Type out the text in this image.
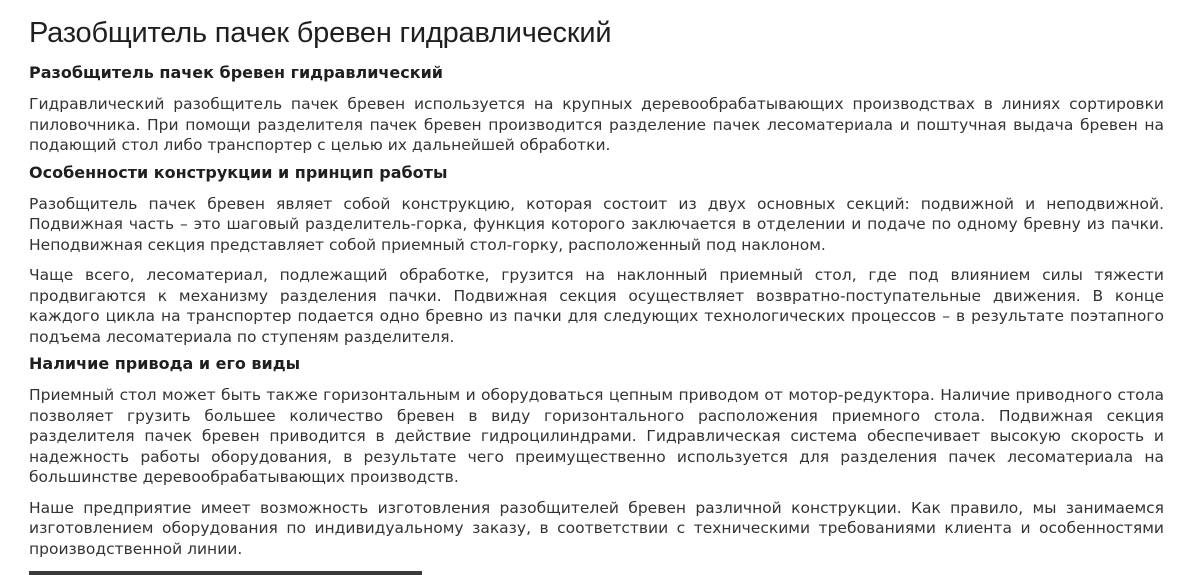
Разобщитель пачек бревен гидравлический
Разобщитель пачек бревен гидравлический

Гидравлический разобщитель пачек бревен используется на крупных деревообрабатывающих производствах в линиях сортировки пиловочника. При помощи разделителя пачек бревен производится разделение пачек лесоматериала и поштучная выдача бревен на подающий стол либо транспортер с целью их дальнейшей обработки.

Особенности конструкции и принцип работы

Разобщитель пачек бревен являет собой конструкцию, которая состоит из двух основных секций: подвижной и неподвижной. Подвижная часть – это шаговый разделитель-горка, функция которого заключается в отделении и подаче по одному бревну из пачки. Неподвижная секция представляет собой приемный стол-горку, расположенный под наклоном.

Чаще всего, лесоматериал, подлежащий обработке, грузится на наклонный приемный стол, где под влиянием силы тяжести продвигаются к механизму разделения пачки. Подвижная секция осуществляет возвратно-поступательные движения. В конце каждого цикла на транспортер подается одно бревно из пачки для следующих технологических процессов – в результате поэтапного подъема лесоматериала по ступеням разделителя.

Наличие привода и его виды

Приемный стол может быть также горизонтальным и оборудоваться цепным приводом от мотор-редуктора. Наличие приводного стола позволяет грузить большее количество бревен в виду горизонтального расположения приемного стола. Подвижная секция разделителя пачек бревен приводится в действие гидроцилиндрами. Гидравлическая система обеспечивает высокую скорость и надежность работы оборудования, в результате чего преимущественно используется для разделения пачек лесоматериала на большинстве деревообрабатывающих производств.

Наше предприятие имеет возможность изготовления разобщителей бревен различной конструкции. Как правило, мы занимаемся изготовлением оборудования по индивидуальному заказу, в соответствии с техническими требованиями клиента и особенностями производственной линии.
